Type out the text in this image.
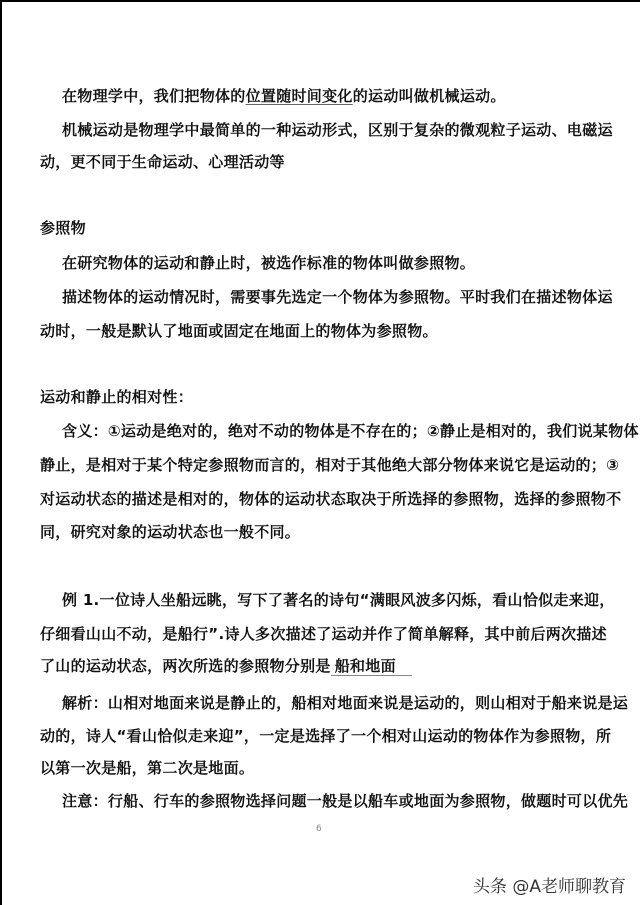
在物理学中，我们把物体的位置随时间变化的运动叫做机械运动。
机械运动是物理学中最简单的一种运动形式，区别于复杂的微观粒子运动、电磁运
动，更不同于生命运动、心理活动等
参照物
在研究物体的运动和静止时，被选作标准的物体叫做参照物。
描述物体的运动情况时，需要事先选定一个物体为参照物。平时我们在描述物体运
动时，一般是默认了地面或固定在地面上的物体为参照物。
运动和静止的相对性：
含义：①运动是绝对的，绝对不动的物体是不存在的；②静止是相对的，我们说某物体
静止，是相对于某个特定参照物而言的，相对于其他绝大部分物体来说它是运动的；③
对运动状态的描述是相对的，物体的运动状态取决于所选择的参照物，选择的参照物不
同，研究对象的运动状态也一般不同。
例 1.一位诗人坐船远眺，写下了著名的诗句“满眼风波多闪烁，看山恰似走来迎，
仔细看山山不动，是船行”.诗人多次描述了运动并作了简单解释，其中前后两次描述
了山的运动状态，两次所选的参照物分别是 船和地面
解析：山相对地面来说是静止的，船相对地面来说是运动的，则山相对于船来说是运
动的，诗人“看山恰似走来迎”，一定是选择了一个相对山运动的物体作为参照物，所
以第一次是船，第二次是地面。
注意：行船、行车的参照物选择问题一般是以船车或地面为参照物，做题时可以优先
6
头条 @A老师聊教育
